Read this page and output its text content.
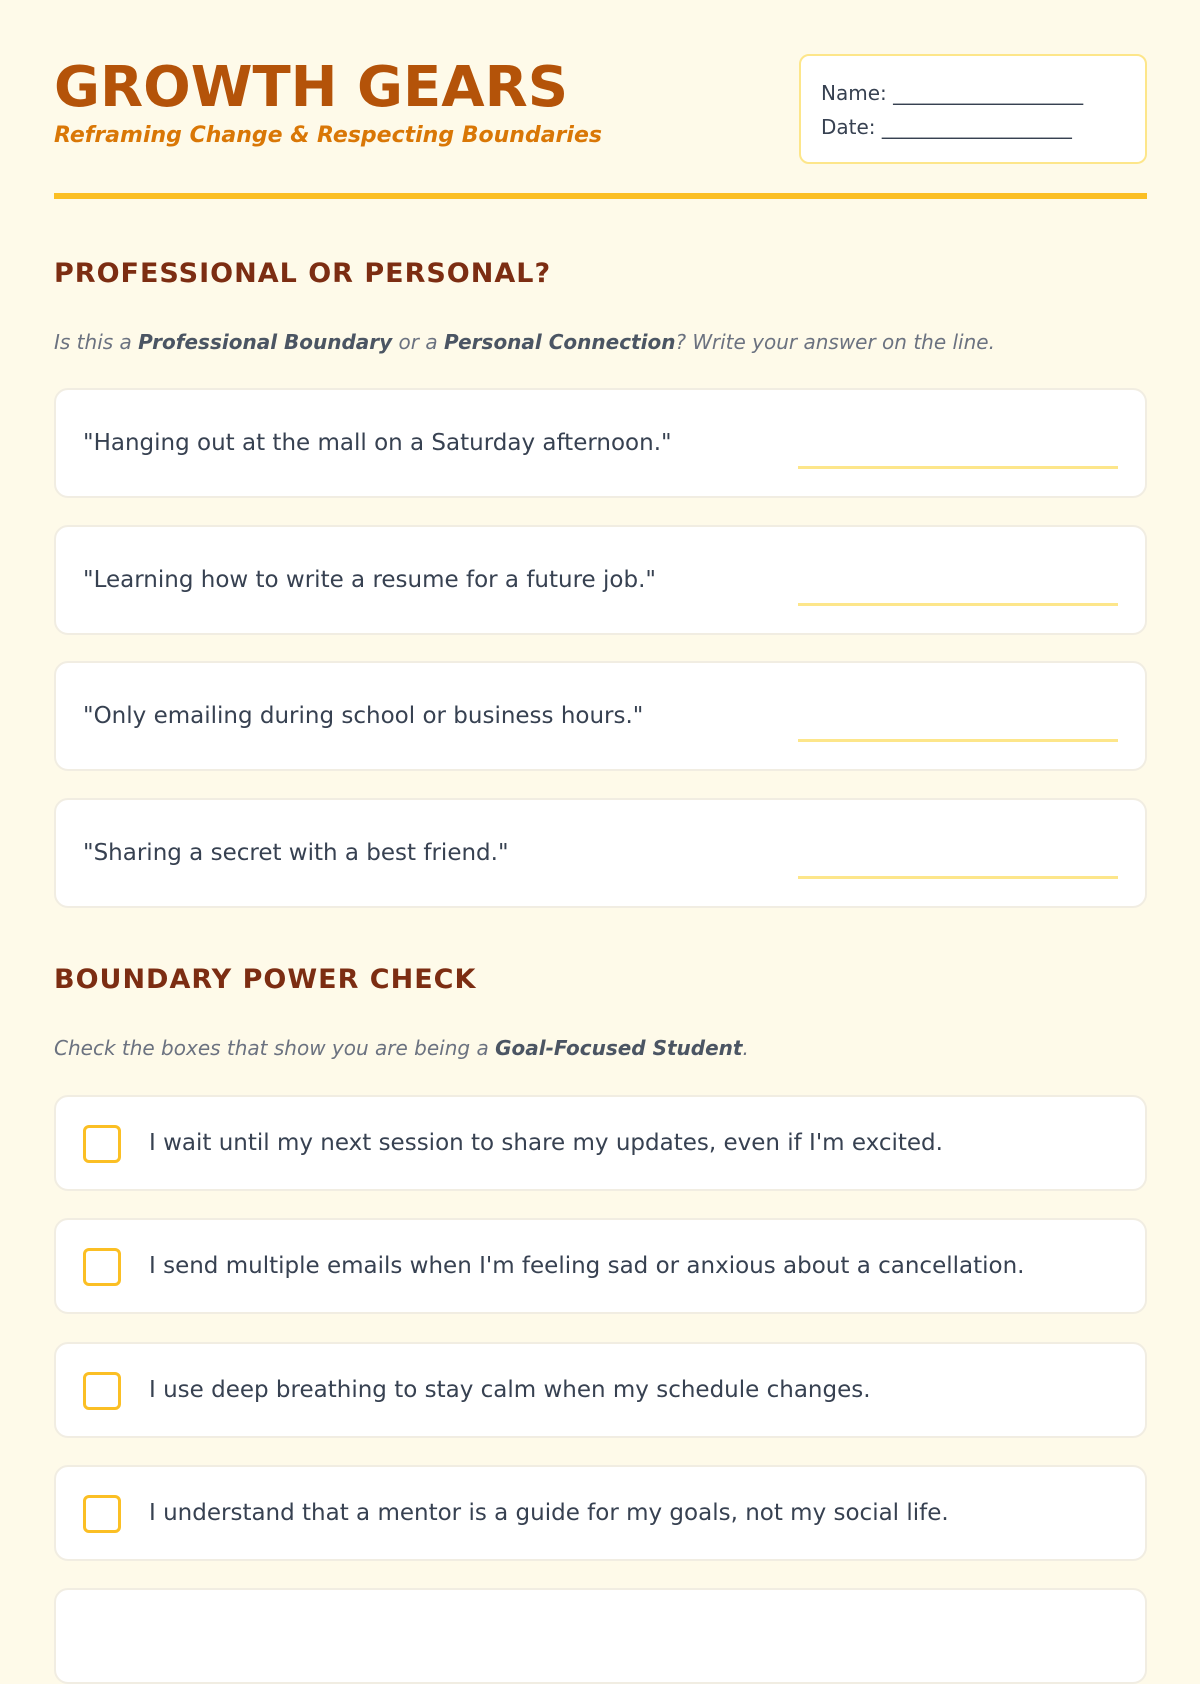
GROWTH GEARS

Reframing Change & Respecting Boundaries

Name: ___________________
Date: ___________________
PROFESSIONAL OR PERSONAL?

Is this a Professional Boundary or a Personal Connection? Write your answer on the line.

"Hanging out at the mall on a Saturday afternoon."
"Learning how to write a resume for a future job."
"Only emailing during school or business hours."
"Sharing a secret with a best friend."
BOUNDARY POWER CHECK

Check the boxes that show you are being a Goal-Focused Student.

I wait until my next session to share my updates, even if I'm excited.
I send multiple emails when I'm feeling sad or anxious about a cancellation.
I use deep breathing to stay calm when my schedule changes.
I understand that a mentor is a guide for my goals, not my social life.
